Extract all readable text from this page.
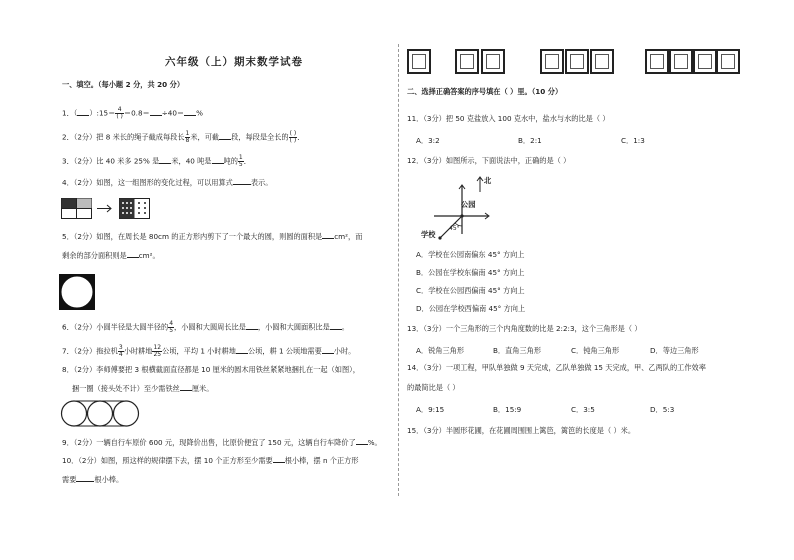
六年级（上）期末数学试卷
一、填空。（每小题 2 分，共 20 分）
1．（ ）:15＝ $\frac{4}{( )} =0.8= \div 40=$ %
2．（2分）把 8 米长的绳子截成每段长 $\frac{1}{8}$ 米，可截 段，每段是全长的 $\frac{( )}{( )}$ ．
3．（2分）比 40 米多 25% 是 米，40 吨是 吨的 $\frac{1}{5}$ ．
4．（2分）如图，这一组图形的变化过程，可以用算式	表示。
5．（2分）如图，在周长是 80cm 的正方形内剪下了一个最大的圆，则圆的面积是 cm²，而
剩余的部分面积则是 cm²。
6．（2分）小圆半径是大圆半径的 $\frac{4}{5}$ ，小圆和大圆周长比是 ，小圆和大圆面积比是 。
7．（2分）拖拉机 $\frac{3}{4}$ 小时耕地 $\frac{12}{25}$ 公顷，平均 1 小时耕地 公顷，耕 1 公顷地需要 小时。
8．（2分）李师傅要把 3 根横截面直径都是 10 厘米的圆木用铁丝紧紧地捆扎在一起（如图），
捆一圈（接头处不计）至少需铁丝 厘米。
9．（2分）一辆自行车原价 600 元，现降价出售，比原价便宜了 150 元，这辆自行车降价了 %。
10．（2分）如图，照这样的规律摆下去，摆 10 个正方形至少需要 根小棒，摆 n 个正方形
需要	根小棒。
二、选择正确答案的序号填在（ ）里。（10 分）
11．（3分）把 50 克盐放入 100 克水中，盐水与水的比是（ ）
A．3:2	B．2:1	C．1:3
12．（3分）如图所示，下面说法中，正确的是（ ）
北
公园
学校
45°
A．学校在公园南偏东 45° 方向上
B．公园在学校东偏南 45° 方向上
C．学校在公园西偏南 45° 方向上
D．公园在学校西偏南 45° 方向上
13．（3分）一个三角形的三个内角度数的比是 2:2:3，这个三角形是（ ）
A．锐角三角形	B．直角三角形	C．钝角三角形	D．等边三角形
14．（3分）一项工程，甲队单独做 9 天完成，乙队单独做 15 天完成，甲、乙两队的工作效率
的最简比是（ ）
A．9:15	B．15:9	C．3:5	D．5:3
15．（3分）半圆形花圃，在花圃周围围上篱笆，篱笆的长度是（ ）米。
